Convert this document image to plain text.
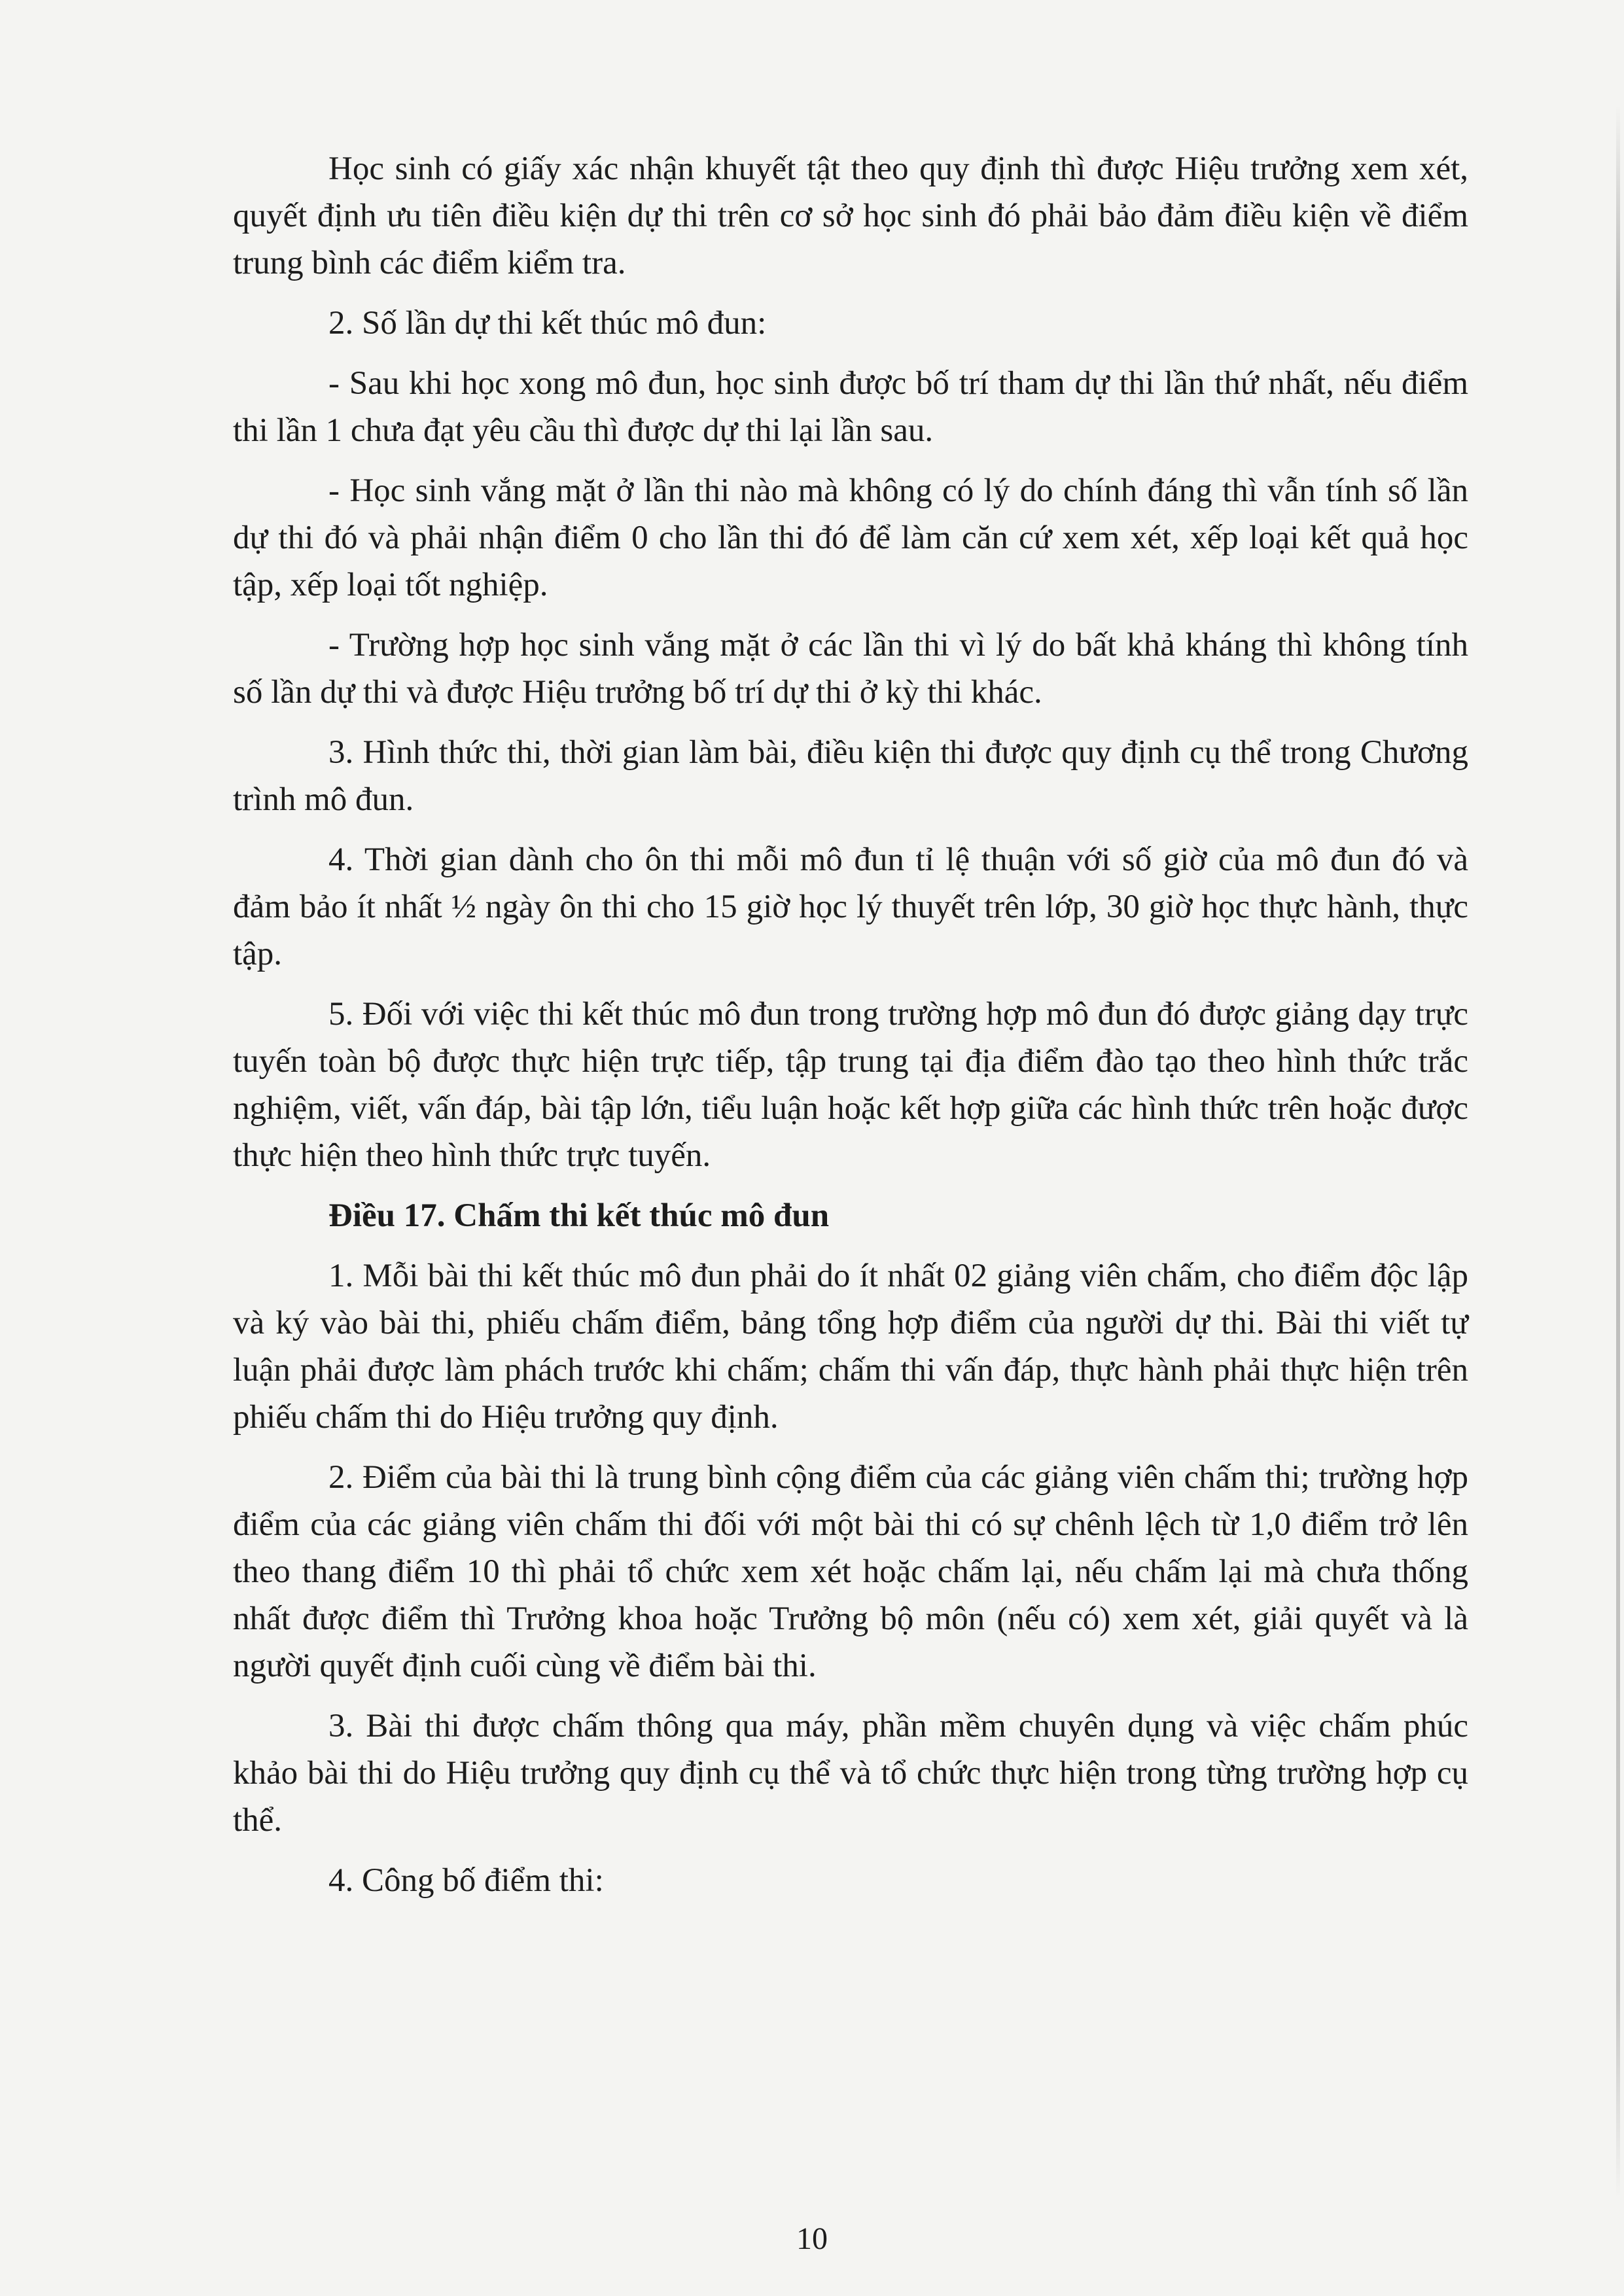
Học sinh có giấy xác nhận khuyết tật theo quy định thì được Hiệu trưởng xem xét, quyết định ưu tiên điều kiện dự thi trên cơ sở học sinh đó phải bảo đảm điều kiện về điểm trung bình các điểm kiểm tra.

2. Số lần dự thi kết thúc mô đun:

- Sau khi học xong mô đun, học sinh được bố trí tham dự thi lần thứ nhất, nếu điểm thi lần 1 chưa đạt yêu cầu thì được dự thi lại lần sau.

- Học sinh vắng mặt ở lần thi nào mà không có lý do chính đáng thì vẫn tính số lần dự thi đó và phải nhận điểm 0 cho lần thi đó để làm căn cứ xem xét, xếp loại kết quả học tập, xếp loại tốt nghiệp.

- Trường hợp học sinh vắng mặt ở các lần thi vì lý do bất khả kháng thì không tính số lần dự thi và được Hiệu trưởng bố trí dự thi ở kỳ thi khác.

3. Hình thức thi, thời gian làm bài, điều kiện thi được quy định cụ thể trong Chương trình mô đun.

4. Thời gian dành cho ôn thi mỗi mô đun tỉ lệ thuận với số giờ của mô đun đó và đảm bảo ít nhất ½ ngày ôn thi cho 15 giờ học lý thuyết trên lớp, 30 giờ học thực hành, thực tập.

5. Đối với việc thi kết thúc mô đun trong trường hợp mô đun đó được giảng dạy trực tuyến toàn bộ được thực hiện trực tiếp, tập trung tại địa điểm đào tạo theo hình thức trắc nghiệm, viết, vấn đáp, bài tập lớn, tiểu luận hoặc kết hợp giữa các hình thức trên hoặc được thực hiện theo hình thức trực tuyến.

Điều 17. Chấm thi kết thúc mô đun

1. Mỗi bài thi kết thúc mô đun phải do ít nhất 02 giảng viên chấm, cho điểm độc lập và ký vào bài thi, phiếu chấm điểm, bảng tổng hợp điểm của người dự thi. Bài thi viết tự luận phải được làm phách trước khi chấm; chấm thi vấn đáp, thực hành phải thực hiện trên phiếu chấm thi do Hiệu trưởng quy định.

2. Điểm của bài thi là trung bình cộng điểm của các giảng viên chấm thi; trường hợp điểm của các giảng viên chấm thi đối với một bài thi có sự chênh lệch từ 1,0 điểm trở lên theo thang điểm 10 thì phải tổ chức xem xét hoặc chấm lại, nếu chấm lại mà chưa thống nhất được điểm thì Trưởng khoa hoặc Trưởng bộ môn (nếu có) xem xét, giải quyết và là người quyết định cuối cùng về điểm bài thi.

3. Bài thi được chấm thông qua máy, phần mềm chuyên dụng và việc chấm phúc khảo bài thi do Hiệu trưởng quy định cụ thể và tổ chức thực hiện trong từng trường hợp cụ thể.

4. Công bố điểm thi:

10
